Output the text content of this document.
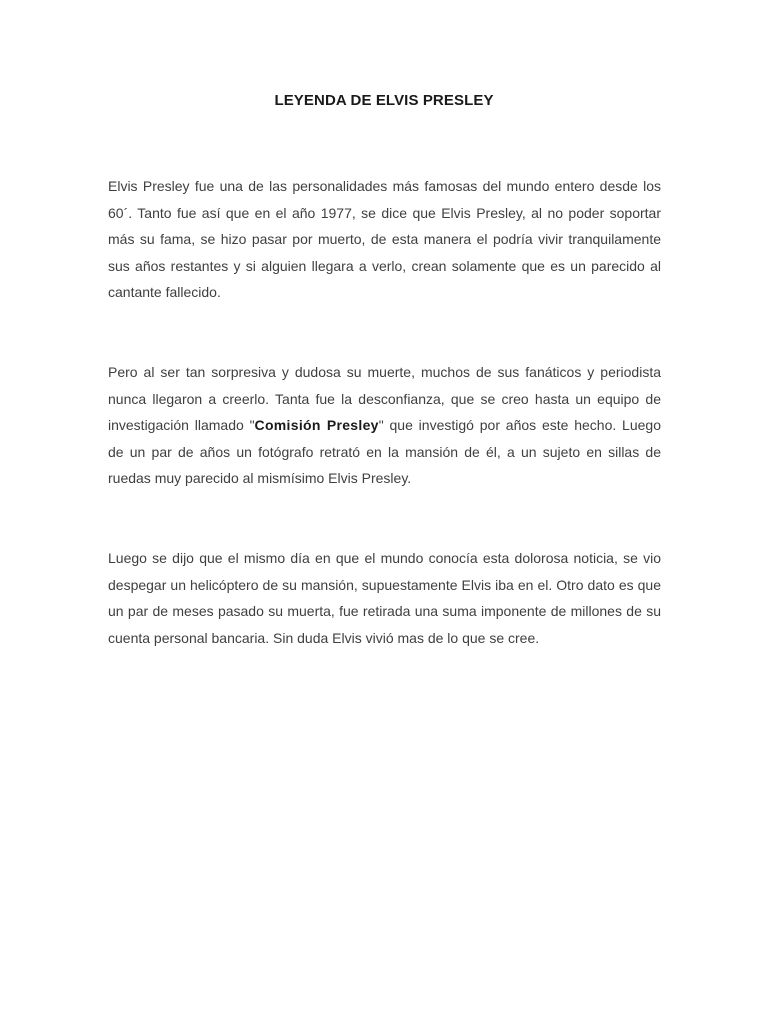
LEYENDA DE ELVIS PRESLEY

Elvis Presley fue una de las personalidades más famosas del mundo entero desde los 60´. Tanto fue así que en el año 1977, se dice que Elvis Presley, al no poder soportar más su fama, se hizo pasar por muerto, de esta manera el podría vivir tranquilamente sus años restantes y si alguien llegara a verlo, crean solamente que es un parecido al cantante fallecido.

Pero al ser tan sorpresiva y dudosa su muerte, muchos de sus fanáticos y periodista nunca llegaron a creerlo. Tanta fue la desconfianza, que se creo hasta un equipo de investigación llamado "Comisión Presley" que investigó por años este hecho. Luego de un par de años un fotógrafo retrató en la mansión de él, a un sujeto en sillas de ruedas muy parecido al mismísimo Elvis Presley.

Luego se dijo que el mismo día en que el mundo conocía esta dolorosa noticia, se vio despegar un helicóptero de su mansión, supuestamente Elvis iba en el. Otro dato es que un par de meses pasado su muerta, fue retirada una suma imponente de millones de su cuenta personal bancaria. Sin duda Elvis vivió mas de lo que se cree.
